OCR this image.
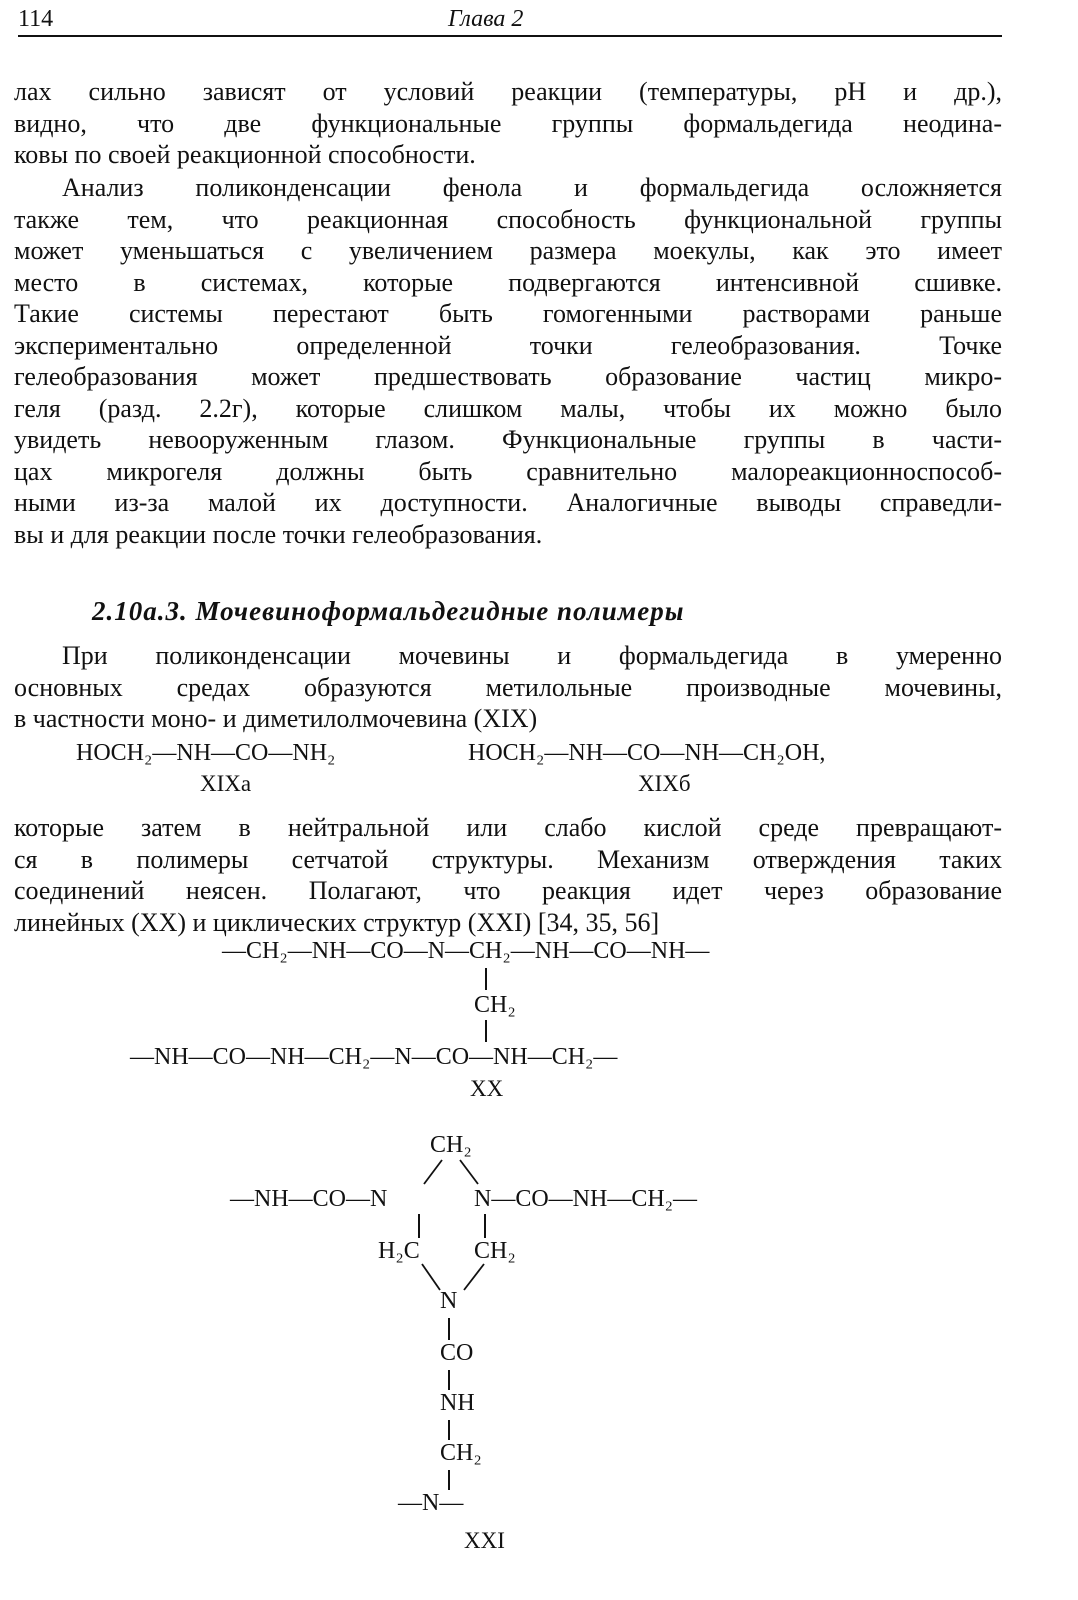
114	Глава 2
лах сильно зависят от условий реакции (температуры, pH и др.),
видно, что две функциональные группы формальдегида неодина-
ковы по своей реакционной способности.
Анализ поликонденсации фенола и формальдегида осложняется
также тем, что реакционная способность функциональной группы
может уменьшаться с увеличением размера моекулы, как это имеет
место в системах, которые подвергаются интенсивной сшивке.
Такие системы перестают быть гомогенными растворами раньше
экспериментально определенной точки гелеобразования. Точке
гелеобразования может предшествовать образование частиц микро-
геля (разд. 2.2г), которые слишком малы, чтобы их можно было
увидеть невооруженным глазом. Функциональные группы в части-
цах микрогеля должны быть сравнительно малореакционноспособ-
ными из-за малой их доступности. Аналогичные выводы справедли-
вы и для реакции после точки гелеобразования.
2.10а.3. Мочевиноформальдегидные полимеры
При поликонденсации мочевины и формальдегида в умеренно
основных средах образуются метилольные производные мочевины,
в частности моно- и диметилолмочевина (XIX)
HOCH₂—NH—CO—NH₂
XIXa
HOCH₂—NH—CO—NH—CH₂OH,
XIXб
которые затем в нейтральной или слабо кислой среде превращают-
ся в полимеры сетчатой структуры. Механизм отверждения таких
соединений неясен. Полагают, что реакция идет через образование
линейных (XX) и циклических структур (XXI) [34, 35, 56]
—CH₂—NH—CO—N—CH₂—NH—CO—NH—
CH₂
—NH—CO—NH—CH₂—N—CO—NH—CH₂—
XX
CH₂
—NH—CO—N	N—CO—NH—CH₂—
H₂C CH₂
N
CO
NH
CH₂
—N—
XXI
